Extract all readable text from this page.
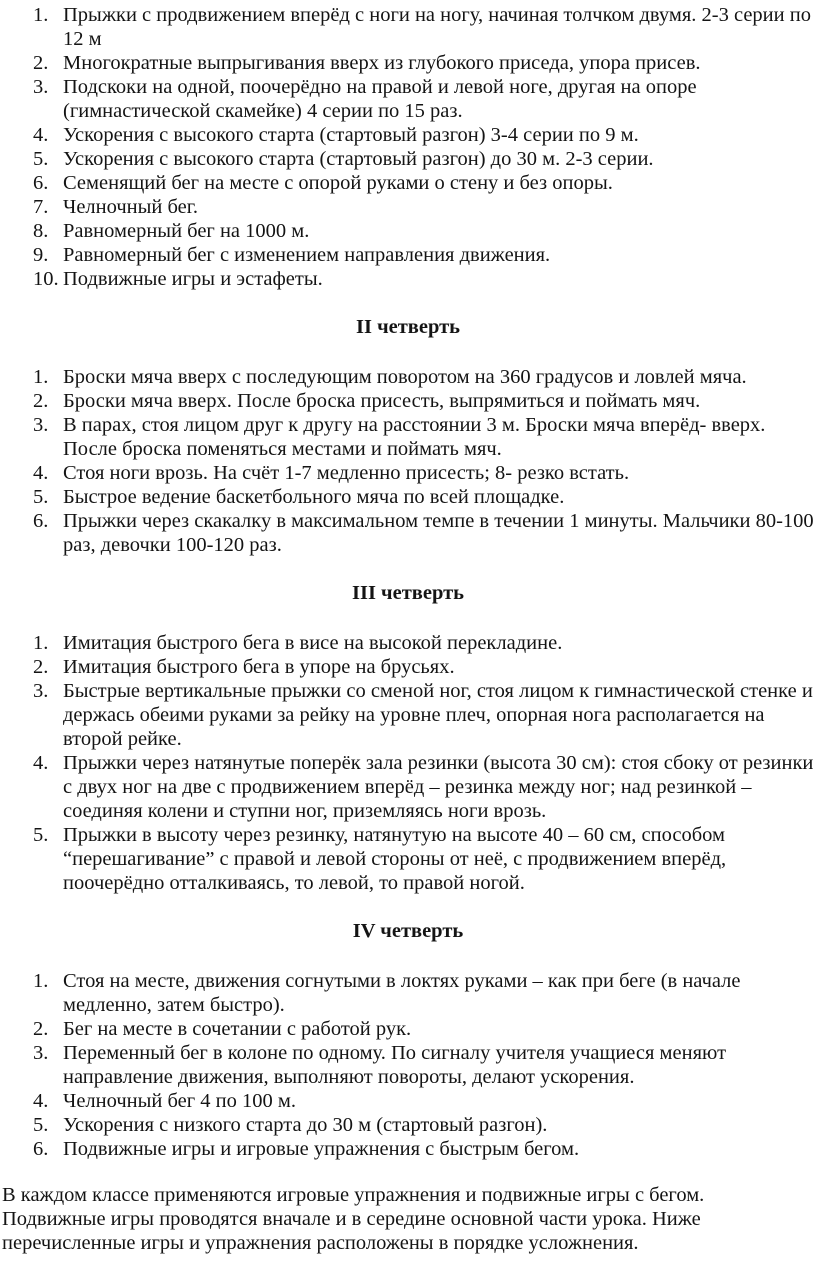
1. Прыжки с продвижением вперёд с ноги на ногу, начиная толчком двумя. 2-3 серии по 12 м
2. Многократные выпрыгивания вверх из глубокого приседа, упора присев.
3. Подскоки на одной, поочерёдно на правой и левой ноге, другая на опоре (гимнастической скамейке) 4 серии по 15 раз.
4. Ускорения с высокого старта (стартовый разгон) 3-4 серии по 9 м.
5. Ускорения с высокого старта (стартовый разгон) до 30 м. 2-3 серии.
6. Семенящий бег на месте с опорой руками о стену и без опоры.
7. Челночный бег.
8. Равномерный бег на 1000 м.
9. Равномерный бег с изменением направления движения.
10. Подвижные игры и эстафеты.
II четверть
1. Броски мяча вверх с последующим поворотом на 360 градусов и ловлей мяча.
2. Броски мяча вверх. После броска присесть, выпрямиться и поймать мяч.
3. В парах, стоя лицом друг к другу на расстоянии 3 м. Броски мяча вперёд- вверх. После броска поменяться местами и поймать мяч.
4. Стоя ноги врозь. На счёт 1-7 медленно присесть; 8- резко встать.
5. Быстрое ведение баскетбольного мяча по всей площадке.
6. Прыжки через скакалку в максимальном темпе в течении 1 минуты. Мальчики 80-100 раз, девочки 100-120 раз.
III четверть
1. Имитация быстрого бега в висе на высокой перекладине.
2. Имитация быстрого бега в упоре на брусьях.
3. Быстрые вертикальные прыжки со сменой ног, стоя лицом к гимнастической стенке и держась обеими руками за рейку на уровне плеч, опорная нога располагается на второй рейке.
4. Прыжки через натянутые поперёк зала резинки (высота 30 см): стоя сбоку от резинки с двух ног на две с продвижением вперёд – резинка между ног; над резинкой – соединяя колени и ступни ног, приземляясь ноги врозь.
5. Прыжки в высоту через резинку, натянутую на высоте 40 – 60 см, способом “перешагивание” с правой и левой стороны от неё, с продвижением вперёд, поочерёдно отталкиваясь, то левой, то правой ногой.
IV четверть
1. Стоя на месте, движения согнутыми в локтях руками – как при беге (в начале медленно, затем быстро).
2. Бег на месте в сочетании с работой рук.
3. Переменный бег в колоне по одному. По сигналу учителя учащиеся меняют направление движения, выполняют повороты, делают ускорения.
4. Челночный бег 4 по 100 м.
5. Ускорения с низкого старта до 30 м (стартовый разгон).
6. Подвижные игры и игровые упражнения с быстрым бегом.

В каждом классе применяются игровые упражнения и подвижные игры с бегом. Подвижные игры проводятся вначале и в середине основной части урока. Ниже перечисленные игры и упражнения расположены в порядке усложнения.
